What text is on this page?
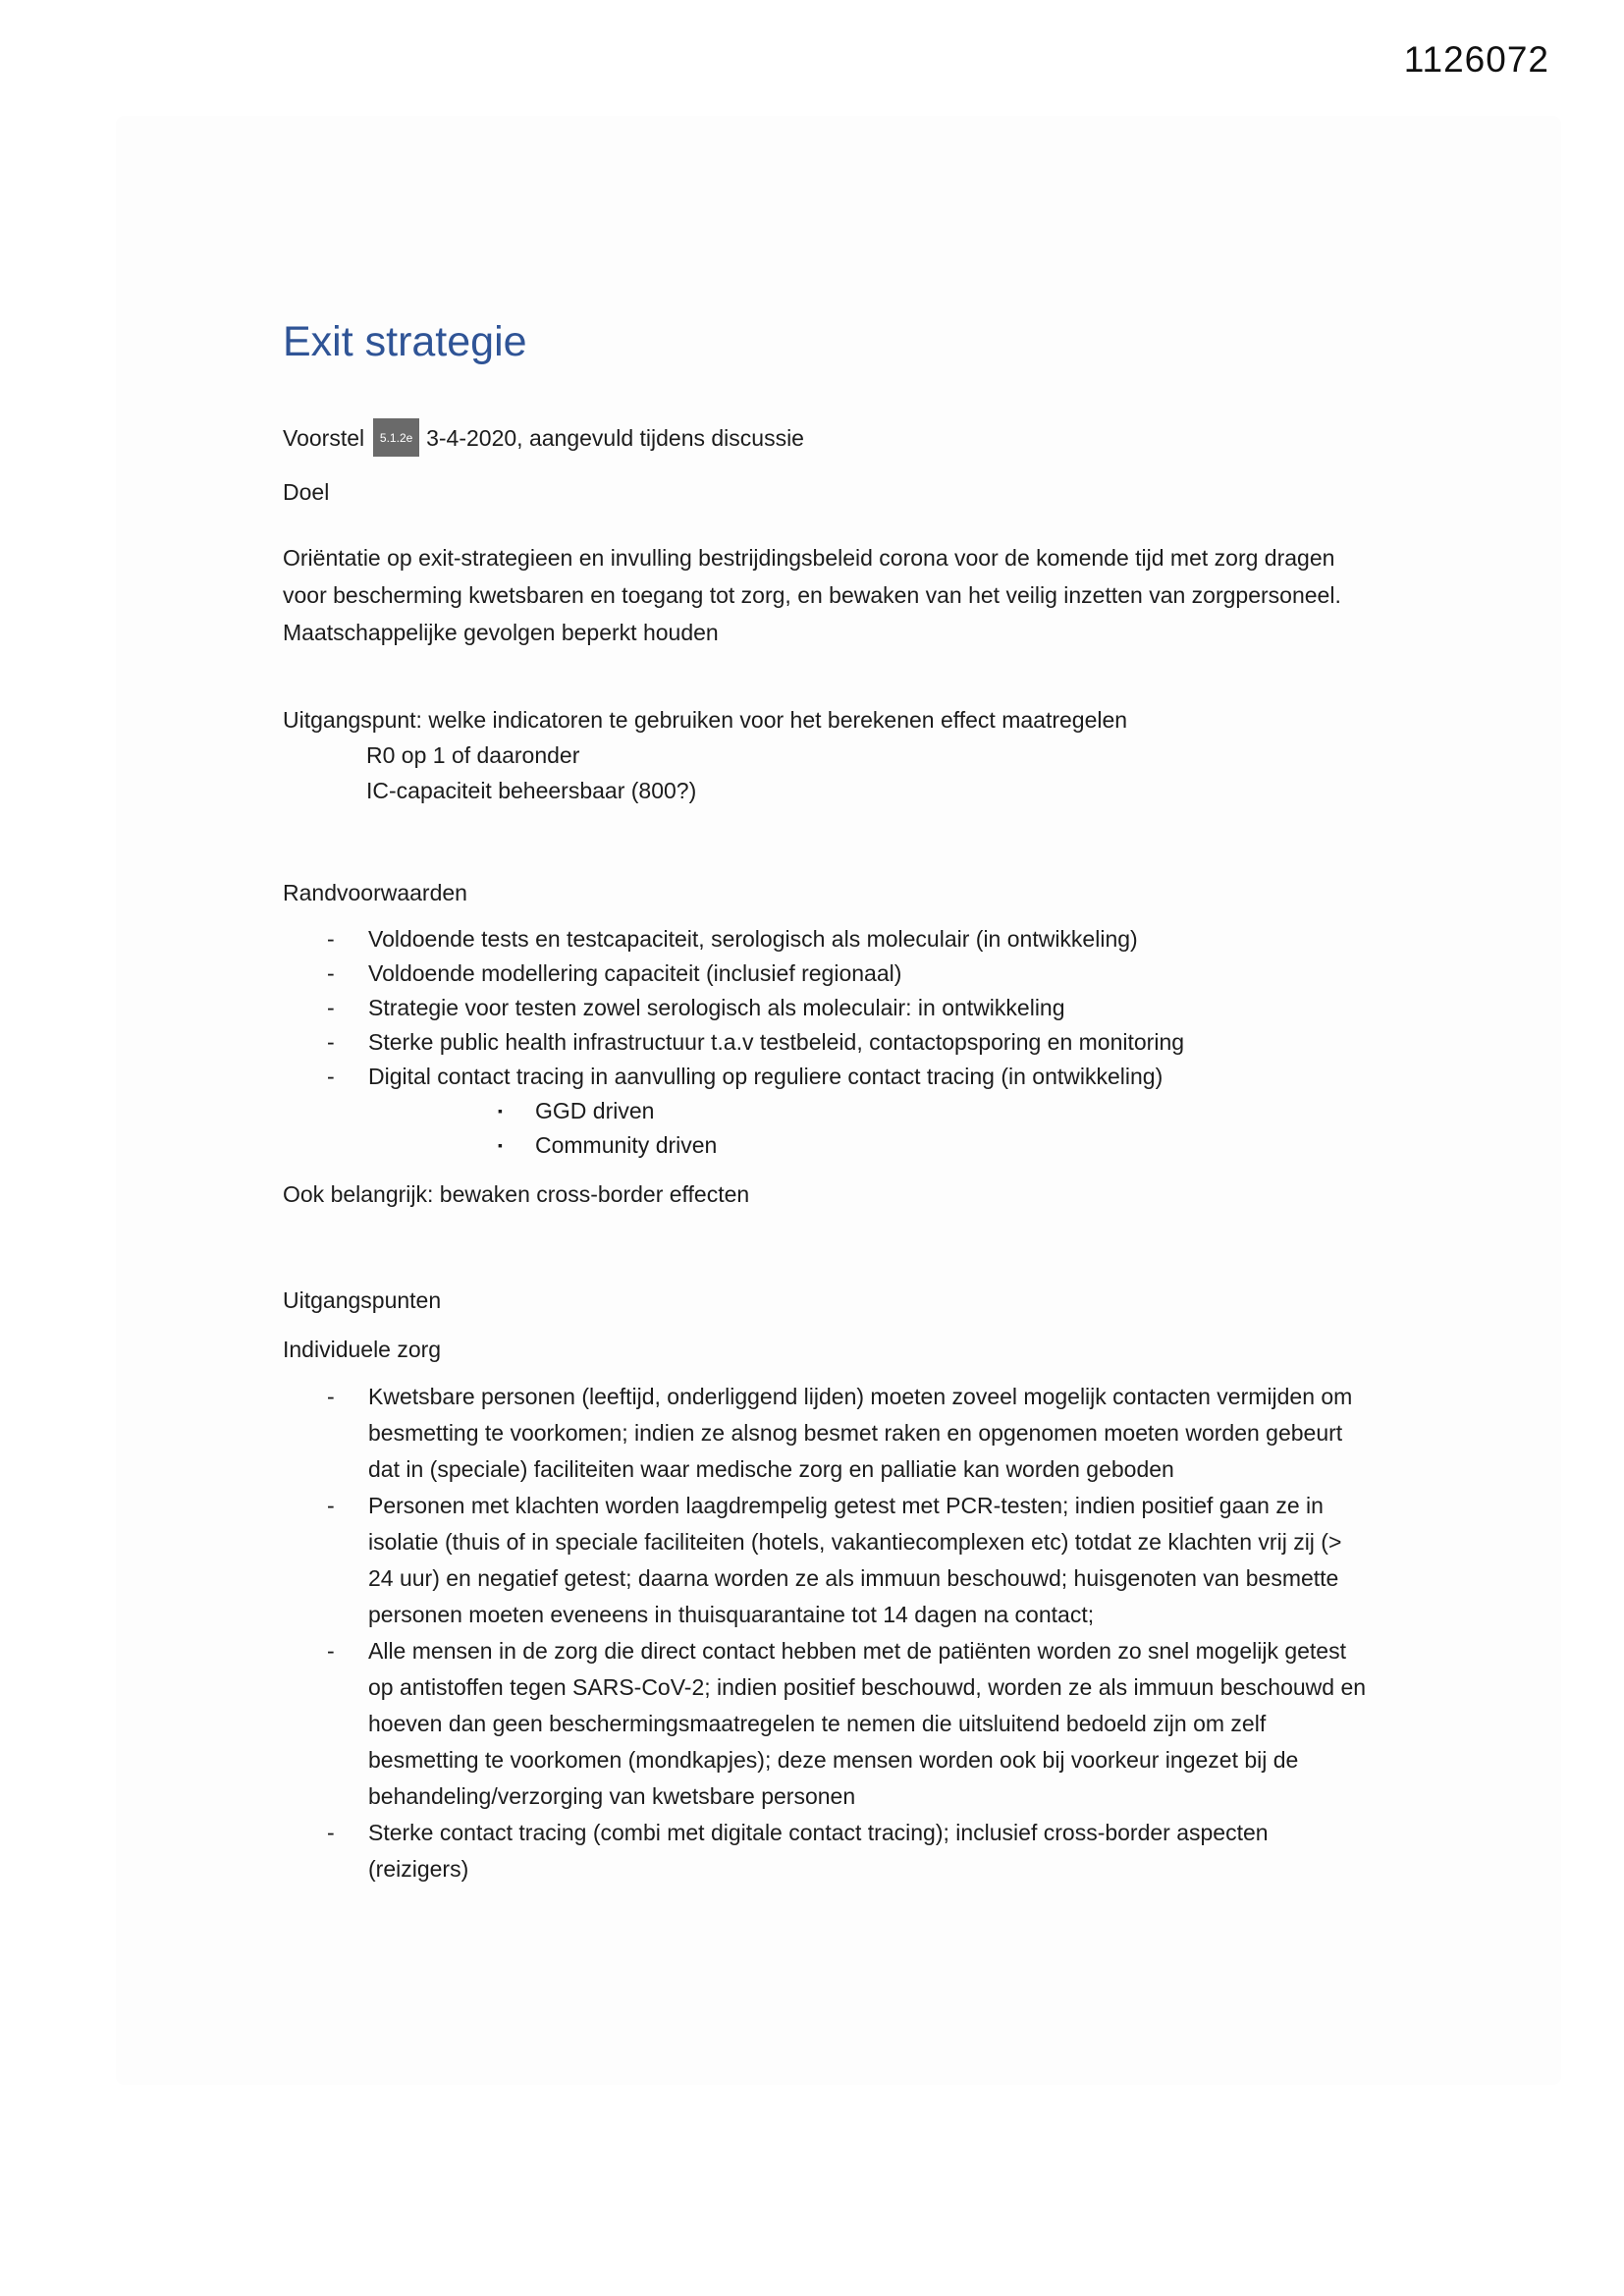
1126072
Exit strategie

Voorstel 5.1.2e 3-4-2020, aangevuld tijdens discussie

Doel

Oriëntatie op exit-strategieen en invulling bestrijdingsbeleid corona voor de komende tijd met zorg dragen voor bescherming kwetsbaren en toegang tot zorg, en bewaken van het veilig inzetten van zorgpersoneel. Maatschappelijke gevolgen beperkt houden

Uitgangspunt: welke indicatoren te gebruiken voor het berekenen effect maatregelen

R0 op 1 of daaronder

IC-capaciteit beheersbaar (800?)

Randvoorwaarden

-	Voldoende tests en testcapaciteit, serologisch als moleculair (in ontwikkeling)
-	Voldoende modellering capaciteit (inclusief regionaal)
-	Strategie voor testen zowel serologisch als moleculair: in ontwikkeling
-	Sterke public health infrastructuur t.a.v testbeleid, contactopsporing en monitoring
-	Digital contact tracing in aanvulling op reguliere contact tracing (in ontwikkeling)
▪	GGD driven
▪	Community driven

Ook belangrijk: bewaken cross-border effecten

Uitgangspunten

Individuele zorg

-	Kwetsbare personen (leeftijd, onderliggend lijden) moeten zoveel mogelijk contacten vermijden om besmetting te voorkomen; indien ze alsnog besmet raken en opgenomen moeten worden gebeurt dat in (speciale) faciliteiten waar medische zorg en palliatie kan worden geboden
-	Personen met klachten worden laagdrempelig getest met PCR-testen; indien positief gaan ze in isolatie (thuis of in speciale faciliteiten (hotels, vakantiecomplexen etc) totdat ze klachten vrij zij (> 24 uur) en negatief getest; daarna worden ze als immuun beschouwd; huisgenoten van besmette personen moeten eveneens in thuisquarantaine tot 14 dagen na contact;
-	Alle mensen in de zorg die direct contact hebben met de patiënten worden zo snel mogelijk getest op antistoffen tegen SARS-CoV-2; indien positief beschouwd, worden ze als immuun beschouwd en hoeven dan geen beschermingsmaatregelen te nemen die uitsluitend bedoeld zijn om zelf besmetting te voorkomen (mondkapjes); deze mensen worden ook bij voorkeur ingezet bij de behandeling/verzorging van kwetsbare personen
-	Sterke contact tracing (combi met digitale contact tracing); inclusief cross-border aspecten (reizigers)
